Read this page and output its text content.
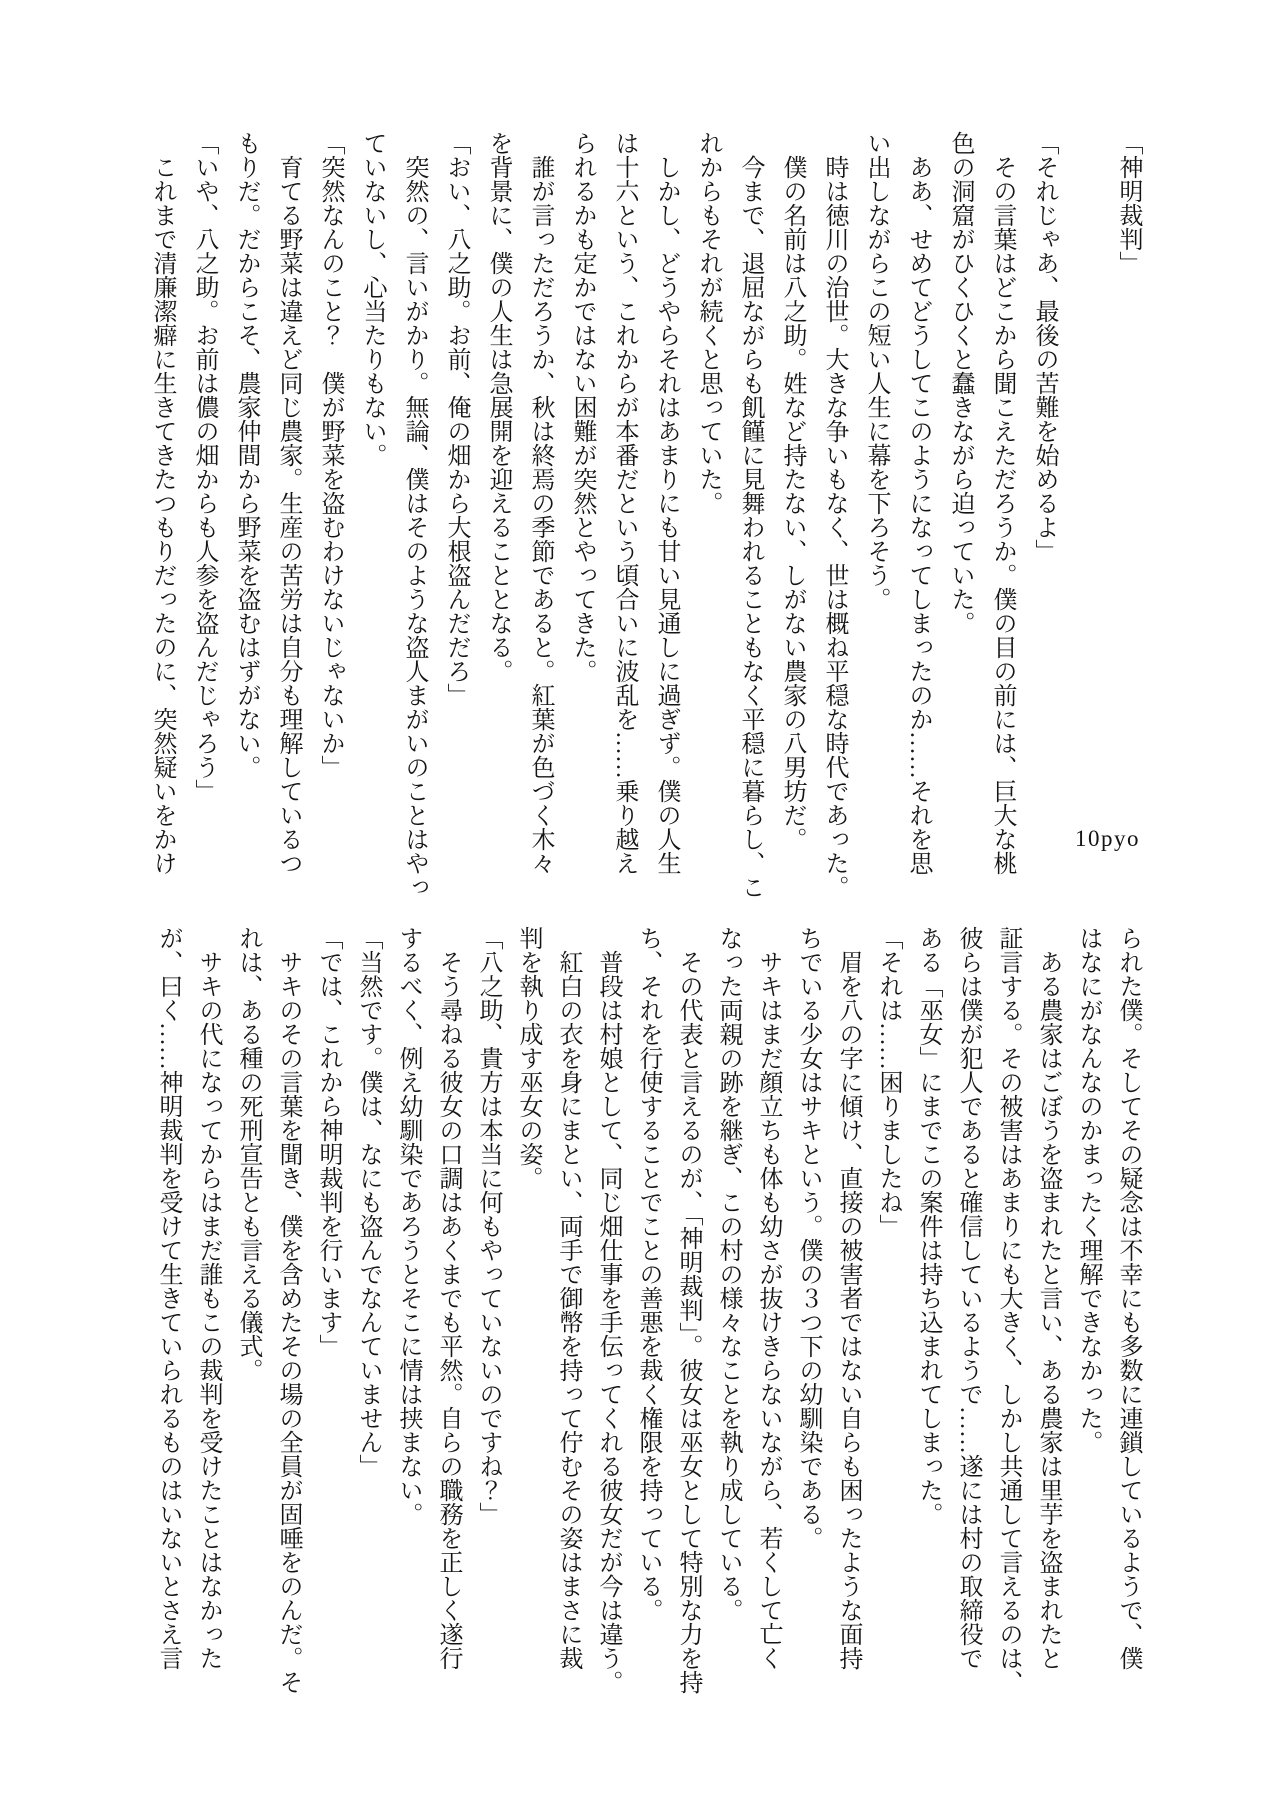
「神明裁判」
「それじゃあ、最後の苦難を始めるよ」
　その言葉はどこから聞こえただろうか。僕の目の前には、巨大な桃
色の洞窟がひくひくと蠢きながら迫っていた。
　ああ、せめてどうしてこのようになってしまったのか……それを思
い出しながらこの短い人生に幕を下ろそう。
　時は徳川の治世。大きな争いもなく、世は概ね平穏な時代であった。
　僕の名前は八之助。姓など持たない、しがない農家の八男坊だ。
　今まで、退屈ながらも飢饉に見舞われることもなく平穏に暮らし、こ
れからもそれが続くと思っていた。
　しかし、どうやらそれはあまりにも甘い見通しに過ぎず。僕の人生
は十六という、これからが本番だという頃合いに波乱を……乗り越え
られるかも定かではない困難が突然とやってきた。
　誰が言っただろうか、秋は終焉の季節であると。紅葉が色づく木々
を背景に、僕の人生は急展開を迎えることとなる。
「おい、八之助。お前、俺の畑から大根盗んだだろ」
　突然の、言いがかり。無論、僕はそのような盗人まがいのことはやっ
ていないし、心当たりもない。
「突然なんのこと？　僕が野菜を盗むわけないじゃないか」
　育てる野菜は違えど同じ農家。生産の苦労は自分も理解しているつ
もりだ。だからこそ、農家仲間から野菜を盗むはずがない。
「いや、八之助。お前は儂の畑からも人参を盗んだじゃろう」
　これまで清廉潔癖に生きてきたつもりだったのに、突然疑いをかけ	10pyo
られた僕。そしてその疑念は不幸にも多数に連鎖しているようで、僕
はなにがなんなのかまったく理解できなかった。
　ある農家はごぼうを盗まれたと言い、ある農家は里芋を盗まれたと
証言する。その被害はあまりにも大きく、しかし共通して言えるのは、
彼らは僕が犯人であると確信しているようで……遂には村の取締役で
ある「巫女」にまでこの案件は持ち込まれてしまった。
「それは……困りましたね」
　眉を八の字に傾け、直接の被害者ではない自らも困ったような面持
ちでいる少女はサキという。僕の３つ下の幼馴染である。
　サキはまだ顔立ちも体も幼さが抜けきらないながら、若くして亡く
なった両親の跡を継ぎ、この村の様々なことを執り成している。
　その代表と言えるのが、「神明裁判」。彼女は巫女として特別な力を持
ち、それを行使することでことの善悪を裁く権限を持っている。
　普段は村娘として、同じ畑仕事を手伝ってくれる彼女だが今は違う。
　紅白の衣を身にまとい、両手で御幣を持って佇むその姿はまさに裁
判を執り成す巫女の姿。
「八之助、貴方は本当に何もやっていないのですね？」
　そう尋ねる彼女の口調はあくまでも平然。自らの職務を正しく遂行
するべく、例え幼馴染であろうとそこに情は挟まない。
「当然です。僕は、なにも盗んでなんていません」
「では、これから神明裁判を行います」
　サキのその言葉を聞き、僕を含めたその場の全員が固唾をのんだ。そ
れは、ある種の死刑宣告とも言える儀式。
　サキの代になってからはまだ誰もこの裁判を受けたことはなかった
が、曰く……神明裁判を受けて生きていられるものはいないとさえ言
